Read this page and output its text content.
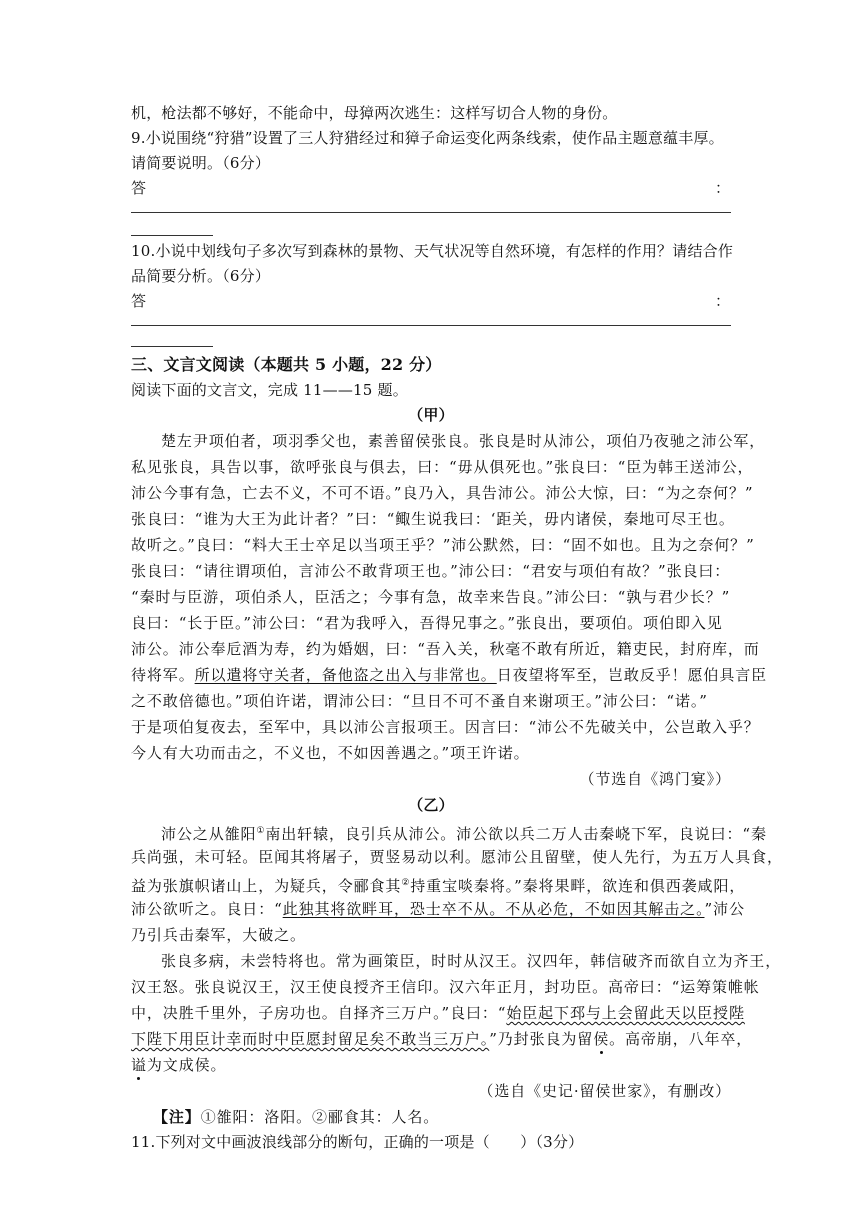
机，枪法都不够好，不能命中，母獐两次逃生：这样写切合人物的身份。
9.小说围绕“狩猎”设置了三人狩猎经过和獐子命运变化两条线索，使作品主题意蕴丰厚。
请简要说明。（6分）
答	：
10.小说中划线句子多次写到森林的景物、天气状况等自然环境，有怎样的作用？请结合作
品简要分析。（6分）
答	：
三、文言文阅读（本题共 5 小题，22 分）
阅读下面的文言文，完成 11——15 题。
（甲）
楚左尹项伯者，项羽季父也，素善留侯张良。张良是时从沛公，项伯乃夜驰之沛公军，
私见张良，具告以事，欲呼张良与俱去，曰：“毋从俱死也。”张良曰：“臣为韩王送沛公，
沛公今事有急，亡去不义，不可不语。”良乃入，具告沛公。沛公大惊，曰：“为之奈何？”
张良曰：“谁为大王为此计者？”曰：“鲰生说我曰：‘距关，毋内诸侯，秦地可尽王也。
故听之。”良曰：“料大王士卒足以当项王乎？”沛公默然，曰：“固不如也。且为之奈何？”
张良曰：“请往谓项伯，言沛公不敢背项王也。”沛公曰：“君安与项伯有故？”张良曰：
“秦时与臣游，项伯杀人，臣活之；今事有急，故幸来告良。”沛公曰：“孰与君少长？”
良曰：“长于臣。”沛公曰：“君为我呼入，吾得兄事之。”张良出，要项伯。项伯即入见
沛公。沛公奉卮酒为寿，约为婚姻，曰：“吾入关，秋毫不敢有所近，籍吏民，封府库，而
待将军。所以遣将守关者，备他盗之出入与非常也。日夜望将军至，岂敢反乎！愿伯具言臣
之不敢倍德也。”项伯许诺，谓沛公曰：“旦日不可不蚤自来谢项王。”沛公曰：“诺。”
于是项伯复夜去，至军中，具以沛公言报项王。因言曰：“沛公不先破关中，公岂敢入乎？
今人有大功而击之，不义也，不如因善遇之。”项王许诺。
（节选自《鸿门宴》）
（乙）
沛公之从雒阳①南出轩辕，良引兵从沛公。沛公欲以兵二万人击秦峣下军，良说曰：“秦
兵尚强，未可轻。臣闻其将屠子，贾竖易动以利。愿沛公且留壁，使人先行，为五万人具食，
益为张旗帜诸山上，为疑兵，令郦食其②持重宝啖秦将。”秦将果畔，欲连和俱西袭咸阳，
沛公欲听之。良日：“此独其将欲畔耳，恐士卒不从。不从必危，不如因其解击之。”沛公
乃引兵击秦军，大破之。
张良多病，未尝特将也。常为画策臣，时时从汉王。汉四年，韩信破齐而欲自立为齐王，
汉王怒。张良说汉王，汉王使良授齐王信印。汉六年正月，封功臣。高帝曰：“运筹策帷帐
中，决胜千里外，子房功也。自择齐三万户。”良曰：“始臣起下邳与上会留此天以臣授陛
下陛下用臣计幸而时中臣愿封留足矣不敢当三万户。”乃封张良为留侯。高帝崩，八年卒，
谥为文成侯。
（选自《史记·留侯世家》，有删改）
【注】①雒阳：洛阳。②郦食其：人名。
11.下列对文中画波浪线部分的断句，正确的一项是（　　）（3分）
